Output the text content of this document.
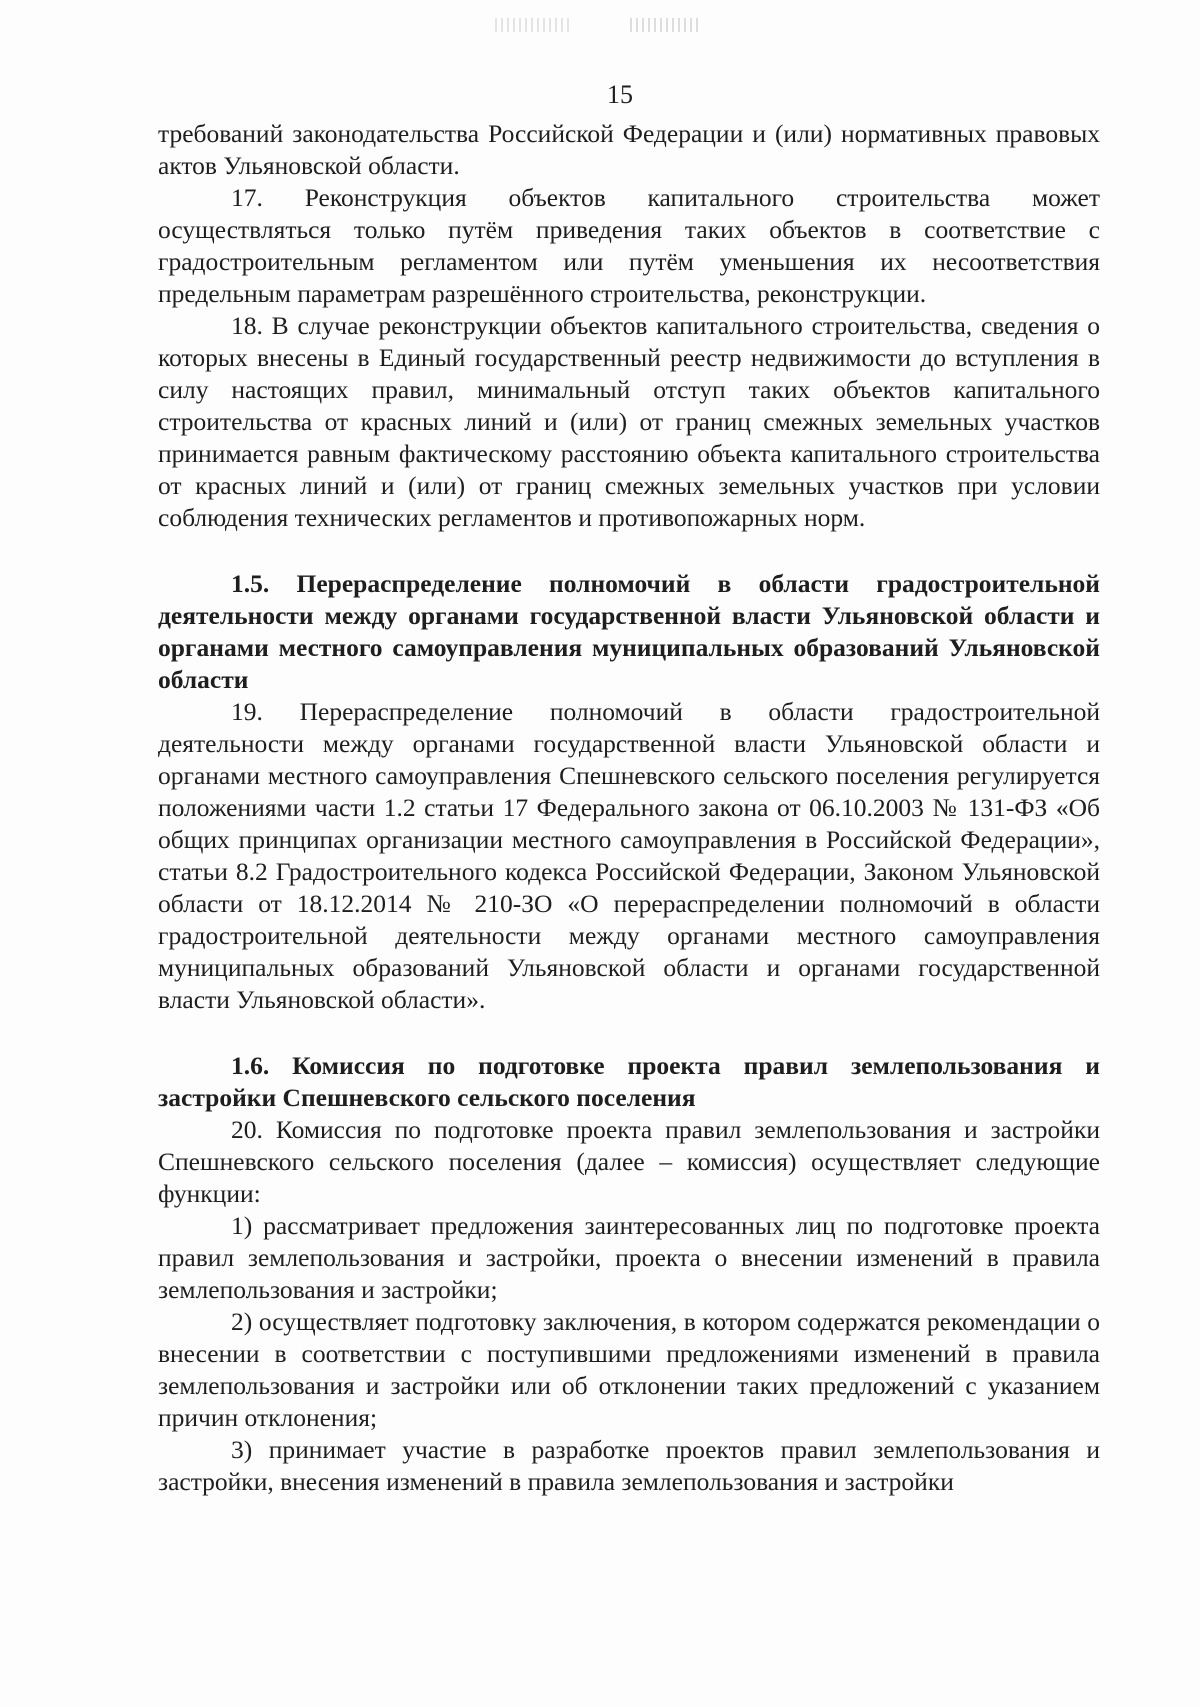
15

требований законодательства Российской Федерации и (или) нормативных правовых актов Ульяновской области.

17. Реконструкция объектов капитального строительства может осуществляться только путём приведения таких объектов в соответствие с градостроительным регламентом или путём уменьшения их несоответствия предельным параметрам разрешённого строительства, реконструкции.

18. В случае реконструкции объектов капитального строительства, сведения о которых внесены в Единый государственный реестр недвижимости до вступления в силу настоящих правил, минимальный отступ таких объектов капитального строительства от красных линий и (или) от границ смежных земельных участков принимается равным фактическому расстоянию объекта капитального строительства от красных линий и (или) от границ смежных земельных участков при условии соблюдения технических регламентов и противопожарных норм.

1.5. Перераспределение полномочий в области градостроительной деятельности между органами государственной власти Ульяновской области и органами местного самоуправления муниципальных образований Ульяновской области

19. Перераспределение полномочий в области градостроительной деятельности между органами государственной власти Ульяновской области и органами местного самоуправления Спешневского сельского поселения регулируется положениями части 1.2 статьи 17 Федерального закона от 06.10.2003 № 131-ФЗ «Об общих принципах организации местного самоуправления в Российской Федерации», статьи 8.2 Градостроительного кодекса Российской Федерации, Законом Ульяновской области от 18.12.2014 № 210-ЗО «О перераспределении полномочий в области градостроительной деятельности между органами местного самоуправления муниципальных образований Ульяновской области и органами государственной власти Ульяновской области».

1.6. Комиссия по подготовке проекта правил землепользования и застройки Спешневского сельского поселения

20. Комиссия по подготовке проекта правил землепользования и застройки Спешневского сельского поселения (далее – комиссия) осуществляет следующие функции:

1) рассматривает предложения заинтересованных лиц по подготовке проекта правил землепользования и застройки, проекта о внесении изменений в правила землепользования и застройки;

2) осуществляет подготовку заключения, в котором содержатся рекомендации о внесении в соответствии с поступившими предложениями изменений в правила землепользования и застройки или об отклонении таких предложений с указанием причин отклонения;

3) принимает участие в разработке проектов правил землепользования и застройки, внесения изменений в правила землепользования и застройки
